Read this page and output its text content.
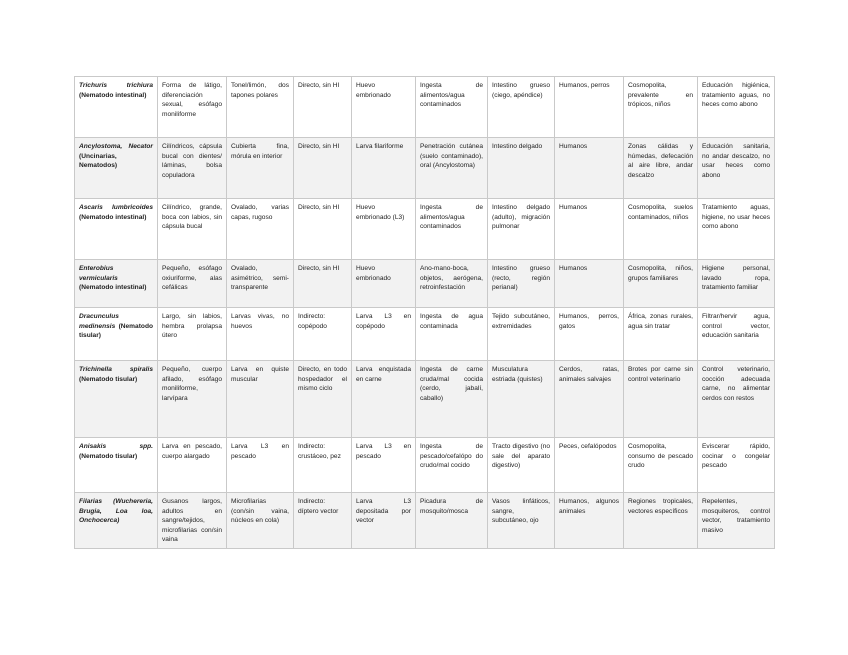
Trichuris trichiura (Nematodo intestinal)	Forma de látigo, diferenciación sexual, esófago moniliforme	Tonel/limón, dos tapones polares	Directo, sin HI	Huevo embrionado	Ingesta de alimentos/agua contaminados	Intestino grueso (ciego, apéndice)	Humanos, perros	Cosmopolita, prevalente en trópicos, niños	Educación higiénica, tratamiento aguas, no heces como abono
Ancylostoma, Necator (Uncinarias, Nematodos)	Cilíndricos, cápsula bucal con dientes/ láminas, bolsa copuladora	Cubierta fina, mórula en interior	Directo, sin HI	Larva filariforme	Penetración cutánea (suelo contaminado), oral (Ancylostoma)	Intestino delgado	Humanos	Zonas cálidas y húmedas, defecación al aire libre, andar descalzo	Educación sanitaria, no andar descalzo, no usar heces como abono
Ascaris lumbricoides (Nematodo intestinal)	Cilíndrico, grande, boca con labios, sin cápsula bucal	Ovalado, varias capas, rugoso	Directo, sin HI	Huevo embrionado (L3)	Ingesta de alimentos/agua contaminados	Intestino delgado (adulto), migración pulmonar	Humanos	Cosmopolita, suelos contaminados, niños	Tratamiento aguas, higiene, no usar heces como abono
Enterobius vermicularis (Nematodo intestinal)	Pequeño, esófago oxiuriforme, alas cefálicas	Ovalado, asimétrico, semi-transparente	Directo, sin HI	Huevo embrionado	Ano-mano-boca, objetos, aerógena, retroinfestación	Intestino grueso (recto, región perianal)	Humanos	Cosmopolita, niños, grupos familiares	Higiene personal, lavado ropa, tratamiento familiar
Dracunculus medinensis (Nematodo tisular)	Largo, sin labios, hembra prolapsa útero	Larvas vivas, no huevos	Indirecto: copépodo	Larva L3 en copépodo	Ingesta de agua contaminada	Tejido subcutáneo, extremidades	Humanos, perros, gatos	África, zonas rurales, agua sin tratar	Filtrar/hervir agua, control vector, educación sanitaria
Trichinella spiralis (Nematodo tisular)	Pequeño, cuerpo afilado, esófago moniliforme, larvípara	Larva en quiste muscular	Directo, en todo hospedador el mismo ciclo	Larva enquistada en carne	Ingesta de carne cruda/mal cocida (cerdo, jabalí, caballo)	Musculatura estriada (quistes)	Cerdos, ratas, animales salvajes	Brotes por carne sin control veterinario	Control veterinario, cocción adecuada carne, no alimentar cerdos con restos
Anisakis spp. (Nematodo tisular)	Larva en pescado, cuerpo alargado	Larva L3 en pescado	Indirecto: crustáceo, pez	Larva L3 en pescado	Ingesta de pescado/cefalópo do crudo/mal cocido	Tracto digestivo (no sale del aparato digestivo)	Peces, cefalópodos	Cosmopolita, consumo de pescado crudo	Eviscerar rápido, cocinar o congelar pescado
Filarias (Wuchereria, Brugia, Loa loa, Onchocerca)	Gusanos largos, adultos en sangre/tejidos, microfilarias con/sin vaina	Microfilarias (con/sin vaina, núcleos en cola)	Indirecto: díptero vector	Larva L3 depositada por vector	Picadura de mosquito/mosca	Vasos linfáticos, sangre, subcutáneo, ojo	Humanos, algunos animales	Regiones tropicales, vectores específicos	Repelentes, mosquiteros, control vector, tratamiento masivo
